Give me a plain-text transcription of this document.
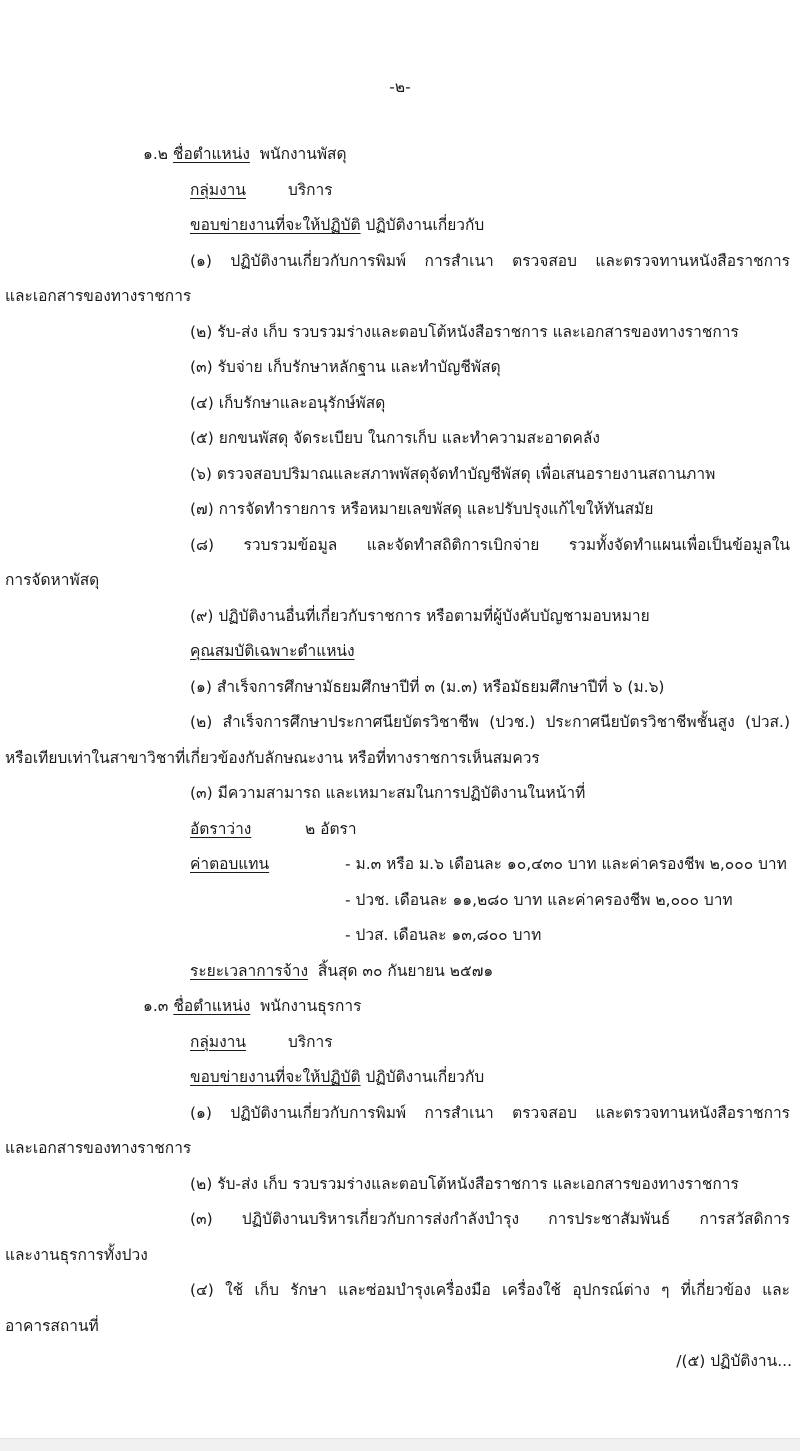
-๒-
๑.๒ ชื่อตำแหน่ง พนักงานพัสดุ
กลุ่มงาน	บริการ
ขอบข่ายงานที่จะให้ปฏิบัติ ปฏิบัติงานเกี่ยวกับ
(๑) ปฏิบัติงานเกี่ยวกับการพิมพ์ การสำเนา ตรวจสอบ และตรวจทานหนังสือราชการ
และเอกสารของทางราชการ
(๒) รับ-ส่ง เก็บ รวบรวมร่างและตอบโต้หนังสือราชการ และเอกสารของทางราชการ
(๓) รับจ่าย เก็บรักษาหลักฐาน และทำบัญชีพัสดุ
(๔) เก็บรักษาและอนุรักษ์พัสดุ
(๕) ยกขนพัสดุ จัดระเบียบ ในการเก็บ และทำความสะอาดคลัง
(๖) ตรวจสอบปริมาณและสภาพพัสดุจัดทำบัญชีพัสดุ เพื่อเสนอรายงานสถานภาพ
(๗) การจัดทำรายการ หรือหมายเลขพัสดุ และปรับปรุงแก้ไขให้ทันสมัย
(๘) รวบรวมข้อมูล และจัดทำสถิติการเบิกจ่าย รวมทั้งจัดทำแผนเพื่อเป็นข้อมูลใน
การจัดหาพัสดุ
(๙) ปฏิบัติงานอื่นที่เกี่ยวกับราชการ หรือตามที่ผู้บังคับบัญชามอบหมาย
คุณสมบัติเฉพาะตำแหน่ง
(๑) สำเร็จการศึกษามัธยมศึกษาปีที่ ๓ (ม.๓) หรือมัธยมศึกษาปีที่ ๖ (ม.๖)
(๒) สำเร็จการศึกษาประกาศนียบัตรวิชาชีพ (ปวช.) ประกาศนียบัตรวิชาชีพชั้นสูง (ปวส.)
หรือเทียบเท่าในสาขาวิชาที่เกี่ยวข้องกับลักษณะงาน หรือที่ทางราชการเห็นสมควร
(๓) มีความสามารถ และเหมาะสมในการปฏิบัติงานในหน้าที่
อัตราว่าง	๒ อัตรา
ค่าตอบแทน	- ม.๓ หรือ ม.๖ เดือนละ ๑๐,๔๓๐ บาท และค่าครองชีพ ๒,๐๐๐ บาท
- ปวช. เดือนละ ๑๑,๒๘๐ บาท และค่าครองชีพ ๒,๐๐๐ บาท
- ปวส. เดือนละ ๑๓,๘๐๐ บาท
ระยะเวลาการจ้าง สิ้นสุด ๓๐ กันยายน ๒๕๗๑
๑.๓ ชื่อตำแหน่ง พนักงานธุรการ
กลุ่มงาน	บริการ
ขอบข่ายงานที่จะให้ปฏิบัติ ปฏิบัติงานเกี่ยวกับ
(๑) ปฏิบัติงานเกี่ยวกับการพิมพ์ การสำเนา ตรวจสอบ และตรวจทานหนังสือราชการ
และเอกสารของทางราชการ
(๒) รับ-ส่ง เก็บ รวบรวมร่างและตอบโต้หนังสือราชการ และเอกสารของทางราชการ
(๓) ปฏิบัติงานบริหารเกี่ยวกับการส่งกำลังบำรุง การประชาสัมพันธ์ การสวัสดิการ
และงานธุรการทั้งปวง
(๔) ใช้ เก็บ รักษา และซ่อมบำรุงเครื่องมือ เครื่องใช้ อุปกรณ์ต่าง ๆ ที่เกี่ยวข้อง และ
อาคารสถานที่
/(๕) ปฏิบัติงาน...
